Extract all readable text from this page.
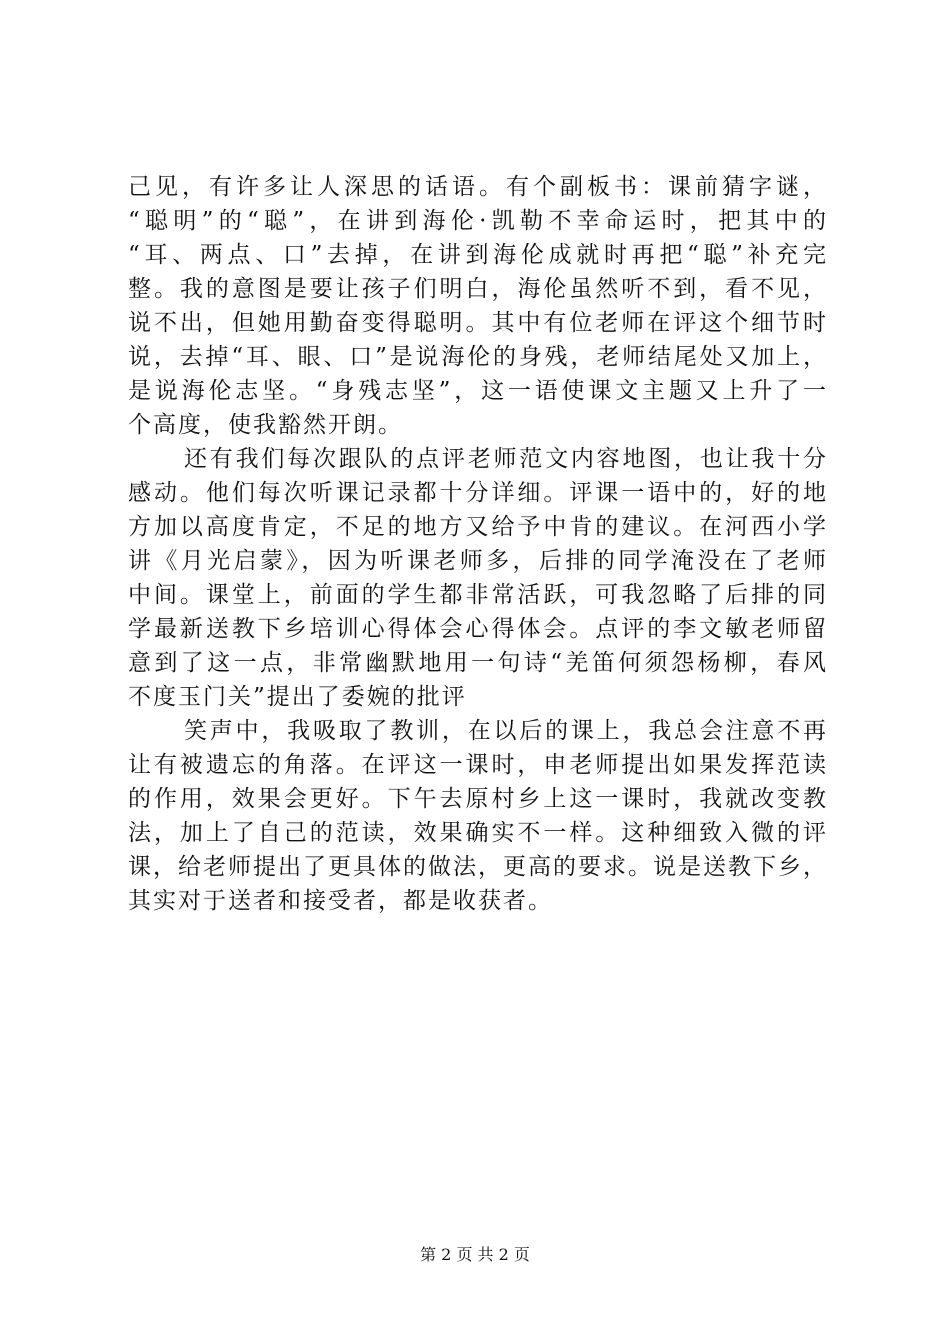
己见，有许多让人深思的话语。有个副板书：课前猜字谜，
“聪明”的“聪”，在讲到海伦·凯勒不幸命运时，把其中的
“耳、两点、口”去掉，在讲到海伦成就时再把“聪”补充完
整。我的意图是要让孩子们明白，海伦虽然听不到，看不见，
说不出，但她用勤奋变得聪明。其中有位老师在评这个细节时
说，去掉“耳、眼、口”是说海伦的身残，老师结尾处又加上，
是说海伦志坚。“身残志坚”，这一语使课文主题又上升了一
个高度，使我豁然开朗。
还有我们每次跟队的点评老师范文内容地图，也让我十分
感动。他们每次听课记录都十分详细。评课一语中的，好的地
方加以高度肯定，不足的地方又给予中肯的建议。在河西小学
讲《月光启蒙》，因为听课老师多，后排的同学淹没在了老师
中间。课堂上，前面的学生都非常活跃，可我忽略了后排的同
学最新送教下乡培训心得体会心得体会。点评的李文敏老师留
意到了这一点，非常幽默地用一句诗“羌笛何须怨杨柳，春风
不度玉门关”提出了委婉的批评
笑声中，我吸取了教训，在以后的课上，我总会注意不再
让有被遗忘的角落。在评这一课时，申老师提出如果发挥范读
的作用，效果会更好。下午去原村乡上这一课时，我就改变教
法，加上了自己的范读，效果确实不一样。这种细致入微的评
课，给老师提出了更具体的做法，更高的要求。说是送教下乡，
其实对于送者和接受者，都是收获者。
第 2 页 共 2 页
